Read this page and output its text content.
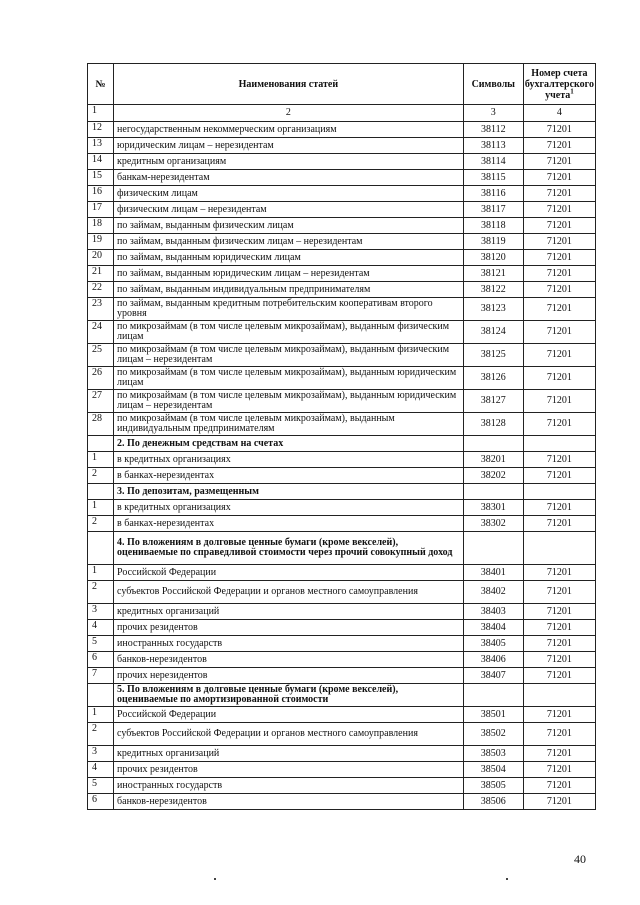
№	Наименования статей	Символы	Номер счета бухгалтерского учета$^1$
1	2	3	4
12	негосударственным некоммерческим организациям	38112	71201
13	юридическим лицам – нерезидентам	38113	71201
14	кредитным организациям	38114	71201
15	банкам-нерезидентам	38115	71201
16	физическим лицам	38116	71201
17	физическим лицам – нерезидентам	38117	71201
18	по займам, выданным физическим лицам	38118	71201
19	по займам, выданным физическим лицам – нерезидентам	38119	71201
20	по займам, выданным юридическим лицам	38120	71201
21	по займам, выданным юридическим лицам – нерезидентам	38121	71201
22	по займам, выданным индивидуальным предпринимателям	38122	71201
23	по займам, выданным кредитным потребительским кооперативам второго уровня	38123	71201
24	по микрозаймам (в том числе целевым микрозаймам), выданным физическим лицам	38124	71201
25	по микрозаймам (в том числе целевым микрозаймам), выданным физическим лицам – нерезидентам	38125	71201
26	по микрозаймам (в том числе целевым микрозаймам), выданным юридическим лицам	38126	71201
27	по микрозаймам (в том числе целевым микрозаймам), выданным юридическим лицам – нерезидентам	38127	71201
28	по микрозаймам (в том числе целевым микрозаймам), выданным индивидуальным предпринимателям	38128	71201
	2. По денежным средствам на счетах		
1	в кредитных организациях	38201	71201
2	в банках-нерезидентах	38202	71201
	3. По депозитам, размещенным		
1	в кредитных организациях	38301	71201
2	в банках-нерезидентах	38302	71201
	4. По вложениям в долговые ценные бумаги (кроме векселей), оцениваемые по справедливой стоимости через прочий совокупный доход		
1	Российской Федерации	38401	71201
2	субъектов Российской Федерации и органов местного самоуправления	38402	71201
3	кредитных организаций	38403	71201
4	прочих резидентов	38404	71201
5	иностранных государств	38405	71201
6	банков-нерезидентов	38406	71201
7	прочих нерезидентов	38407	71201
	5. По вложениям в долговые ценные бумаги (кроме векселей), оцениваемые по амортизированной стоимости		
1	Российской Федерации	38501	71201
2	субъектов Российской Федерации и органов местного самоуправления	38502	71201
3	кредитных организаций	38503	71201
4	прочих резидентов	38504	71201
5	иностранных государств	38505	71201
6	банков-нерезидентов	38506	71201
40
